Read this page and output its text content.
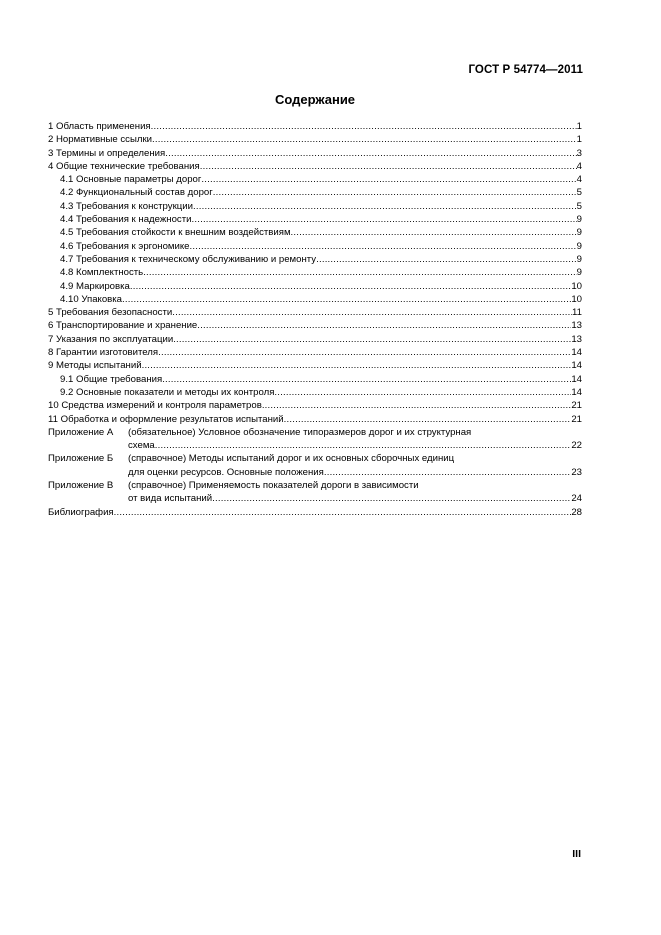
ГОСТ Р 54774—2011
Содержание
1 Область применения .....	1
2 Нормативные ссылки .....	1
3 Термины и определения .....	3
4 Общие технические требования .....	4
4.1 Основные параметры дорог .....	4
4.2 Функциональный состав дорог .....	5
4.3 Требования к конструкции .....	5
4.4 Требования к надежности .....	9
4.5 Требования стойкости к внешним воздействиям .....	9
4.6 Требования к эргономике .....	9
4.7 Требования к техническому обслуживанию и ремонту .....	9
4.8 Комплектность .....	9
4.9 Маркировка .....	10
4.10 Упаковка .....	10
5 Требования безопасности .....	11
6 Транспортирование и хранение .....	13
7 Указания по эксплуатации .....	13
8 Гарантии изготовителя .....	14
9 Методы испытаний .....	14
9.1 Общие требования .....	14
9.2 Основные показатели и методы их контроля .....	14
10 Средства измерений и контроля параметров .....	21
11 Обработка и оформление результатов испытаний .....	21
Приложение А	(обязательное) Условное обозначение типоразмеров дорог и их структурная
схема .....	22
Приложение Б	(справочное) Методы испытаний дорог и их основных сборочных единиц
для оценки ресурсов. Основные положения .....	23
Приложение В	(справочное) Применяемость показателей дороги в зависимости
от вида испытаний .....	24
Библиография .....	28
III
